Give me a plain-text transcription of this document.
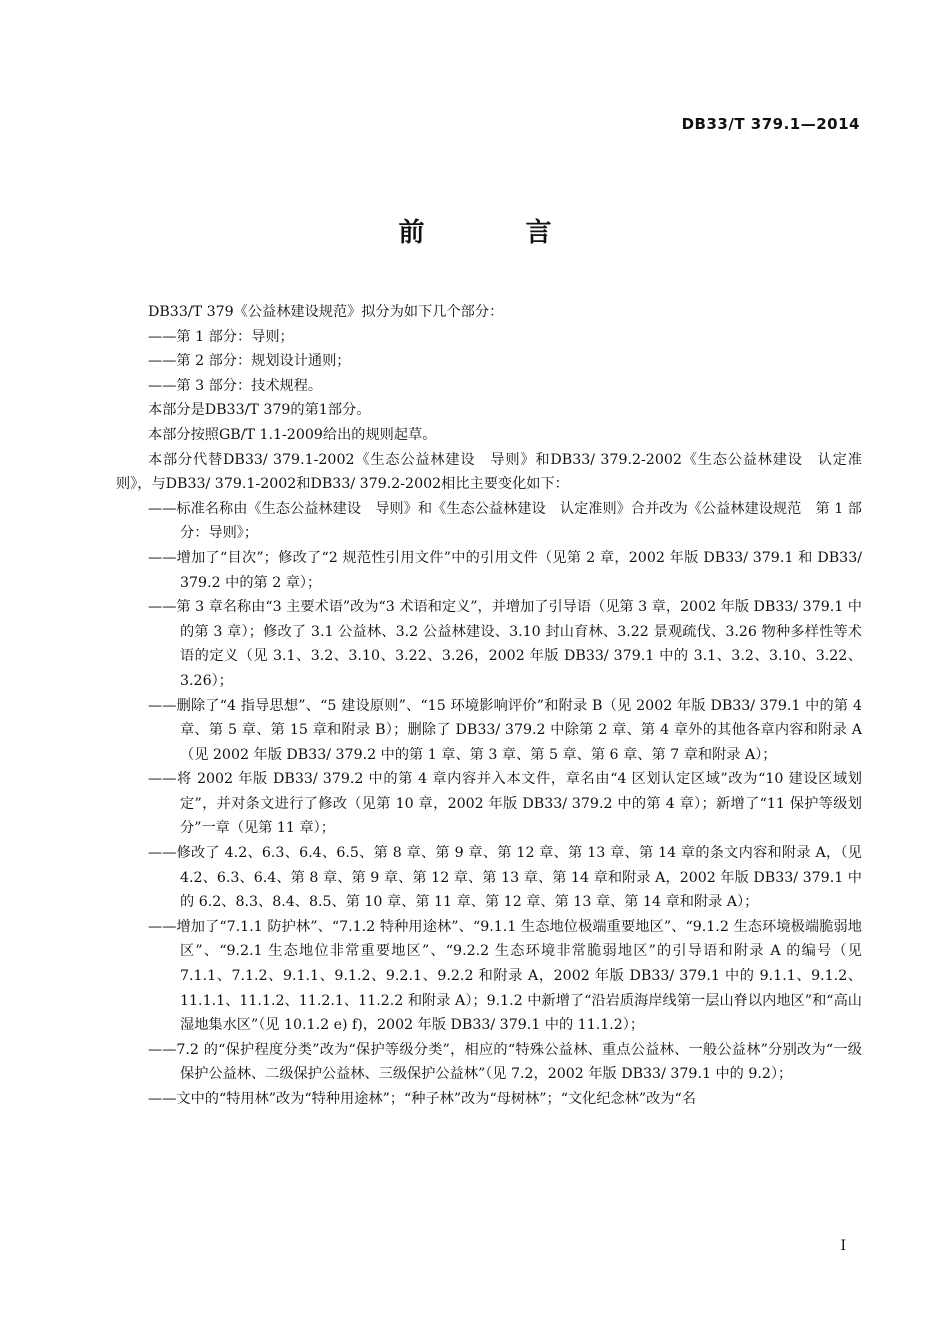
DB33/T 379.1—2014
前 言

DB33/T 379《公益林建设规范》拟分为如下几个部分：

——第 1 部分：导则；

——第 2 部分：规划设计通则；

——第 3 部分：技术规程。

本部分是DB33/T 379的第1部分。

本部分按照GB/T 1.1-2009给出的规则起草。

本部分代替DB33/ 379.1-2002《生态公益林建设　导则》和DB33/ 379.2-2002《生态公益林建设　认定准则》，与DB33/ 379.1-2002和DB33/ 379.2-2002相比主要变化如下：

——标准名称由《生态公益林建设　导则》和《生态公益林建设　认定准则》合并改为《公益林建设规范　第 1 部分：导则》；

——增加了“目次”；修改了“2 规范性引用文件”中的引用文件（见第 2 章，2002 年版 DB33/ 379.1 和 DB33/ 379.2 中的第 2 章）；

——第 3 章名称由“3 主要术语”改为“3 术语和定义”，并增加了引导语（见第 3 章，2002 年版 DB33/ 379.1 中的第 3 章）；修改了 3.1 公益林、3.2 公益林建设、3.10 封山育林、3.22 景观疏伐、3.26 物种多样性等术语的定义（见 3.1、3.2、3.10、3.22、3.26，2002 年版 DB33/ 379.1 中的 3.1、3.2、3.10、3.22、3.26）；

——删除了“4 指导思想”、“5 建设原则”、“15 环境影响评价”和附录 B（见 2002 年版 DB33/ 379.1 中的第 4 章、第 5 章、第 15 章和附录 B）；删除了 DB33/ 379.2 中除第 2 章、第 4 章外的其他各章内容和附录 A（见 2002 年版 DB33/ 379.2 中的第 1 章、第 3 章、第 5 章、第 6 章、第 7 章和附录 A）；

——将 2002 年版 DB33/ 379.2 中的第 4 章内容并入本文件，章名由“4 区划认定区域”改为“10 建设区域划定”，并对条文进行了修改（见第 10 章，2002 年版 DB33/ 379.2 中的第 4 章）；新增了“11 保护等级划分”一章（见第 11 章）；

——修改了 4.2、6.3、6.4、6.5、第 8 章、第 9 章、第 12 章、第 13 章、第 14 章的条文内容和附录 A，（见 4.2、6.3、6.4、第 8 章、第 9 章、第 12 章、第 13 章、第 14 章和附录 A，2002 年版 DB33/ 379.1 中的 6.2、8.3、8.4、8.5、第 10 章、第 11 章、第 12 章、第 13 章、第 14 章和附录 A）；

——增加了“7.1.1 防护林”、“7.1.2 特种用途林”、“9.1.1 生态地位极端重要地区”、“9.1.2 生态环境极端脆弱地区”、“9.2.1 生态地位非常重要地区”、“9.2.2 生态环境非常脆弱地区”的引导语和附录 A 的编号（见 7.1.1、7.1.2、9.1.1、9.1.2、9.2.1、9.2.2 和附录 A，2002 年版 DB33/ 379.1 中的 9.1.1、9.1.2、11.1.1、11.1.2、11.2.1、11.2.2 和附录 A）；9.1.2 中新增了“沿岩质海岸线第一层山脊以内地区”和“高山湿地集水区”（见 10.1.2 e) f)，2002 年版 DB33/ 379.1 中的 11.1.2）；

——7.2 的“保护程度分类”改为“保护等级分类”，相应的“特殊公益林、重点公益林、一般公益林”分别改为“一级保护公益林、二级保护公益林、三级保护公益林”（见 7.2，2002 年版 DB33/ 379.1 中的 9.2）；

——文中的“特用林”改为“特种用途林”；“种子林”改为“母树林”；“文化纪念林”改为“名

I
